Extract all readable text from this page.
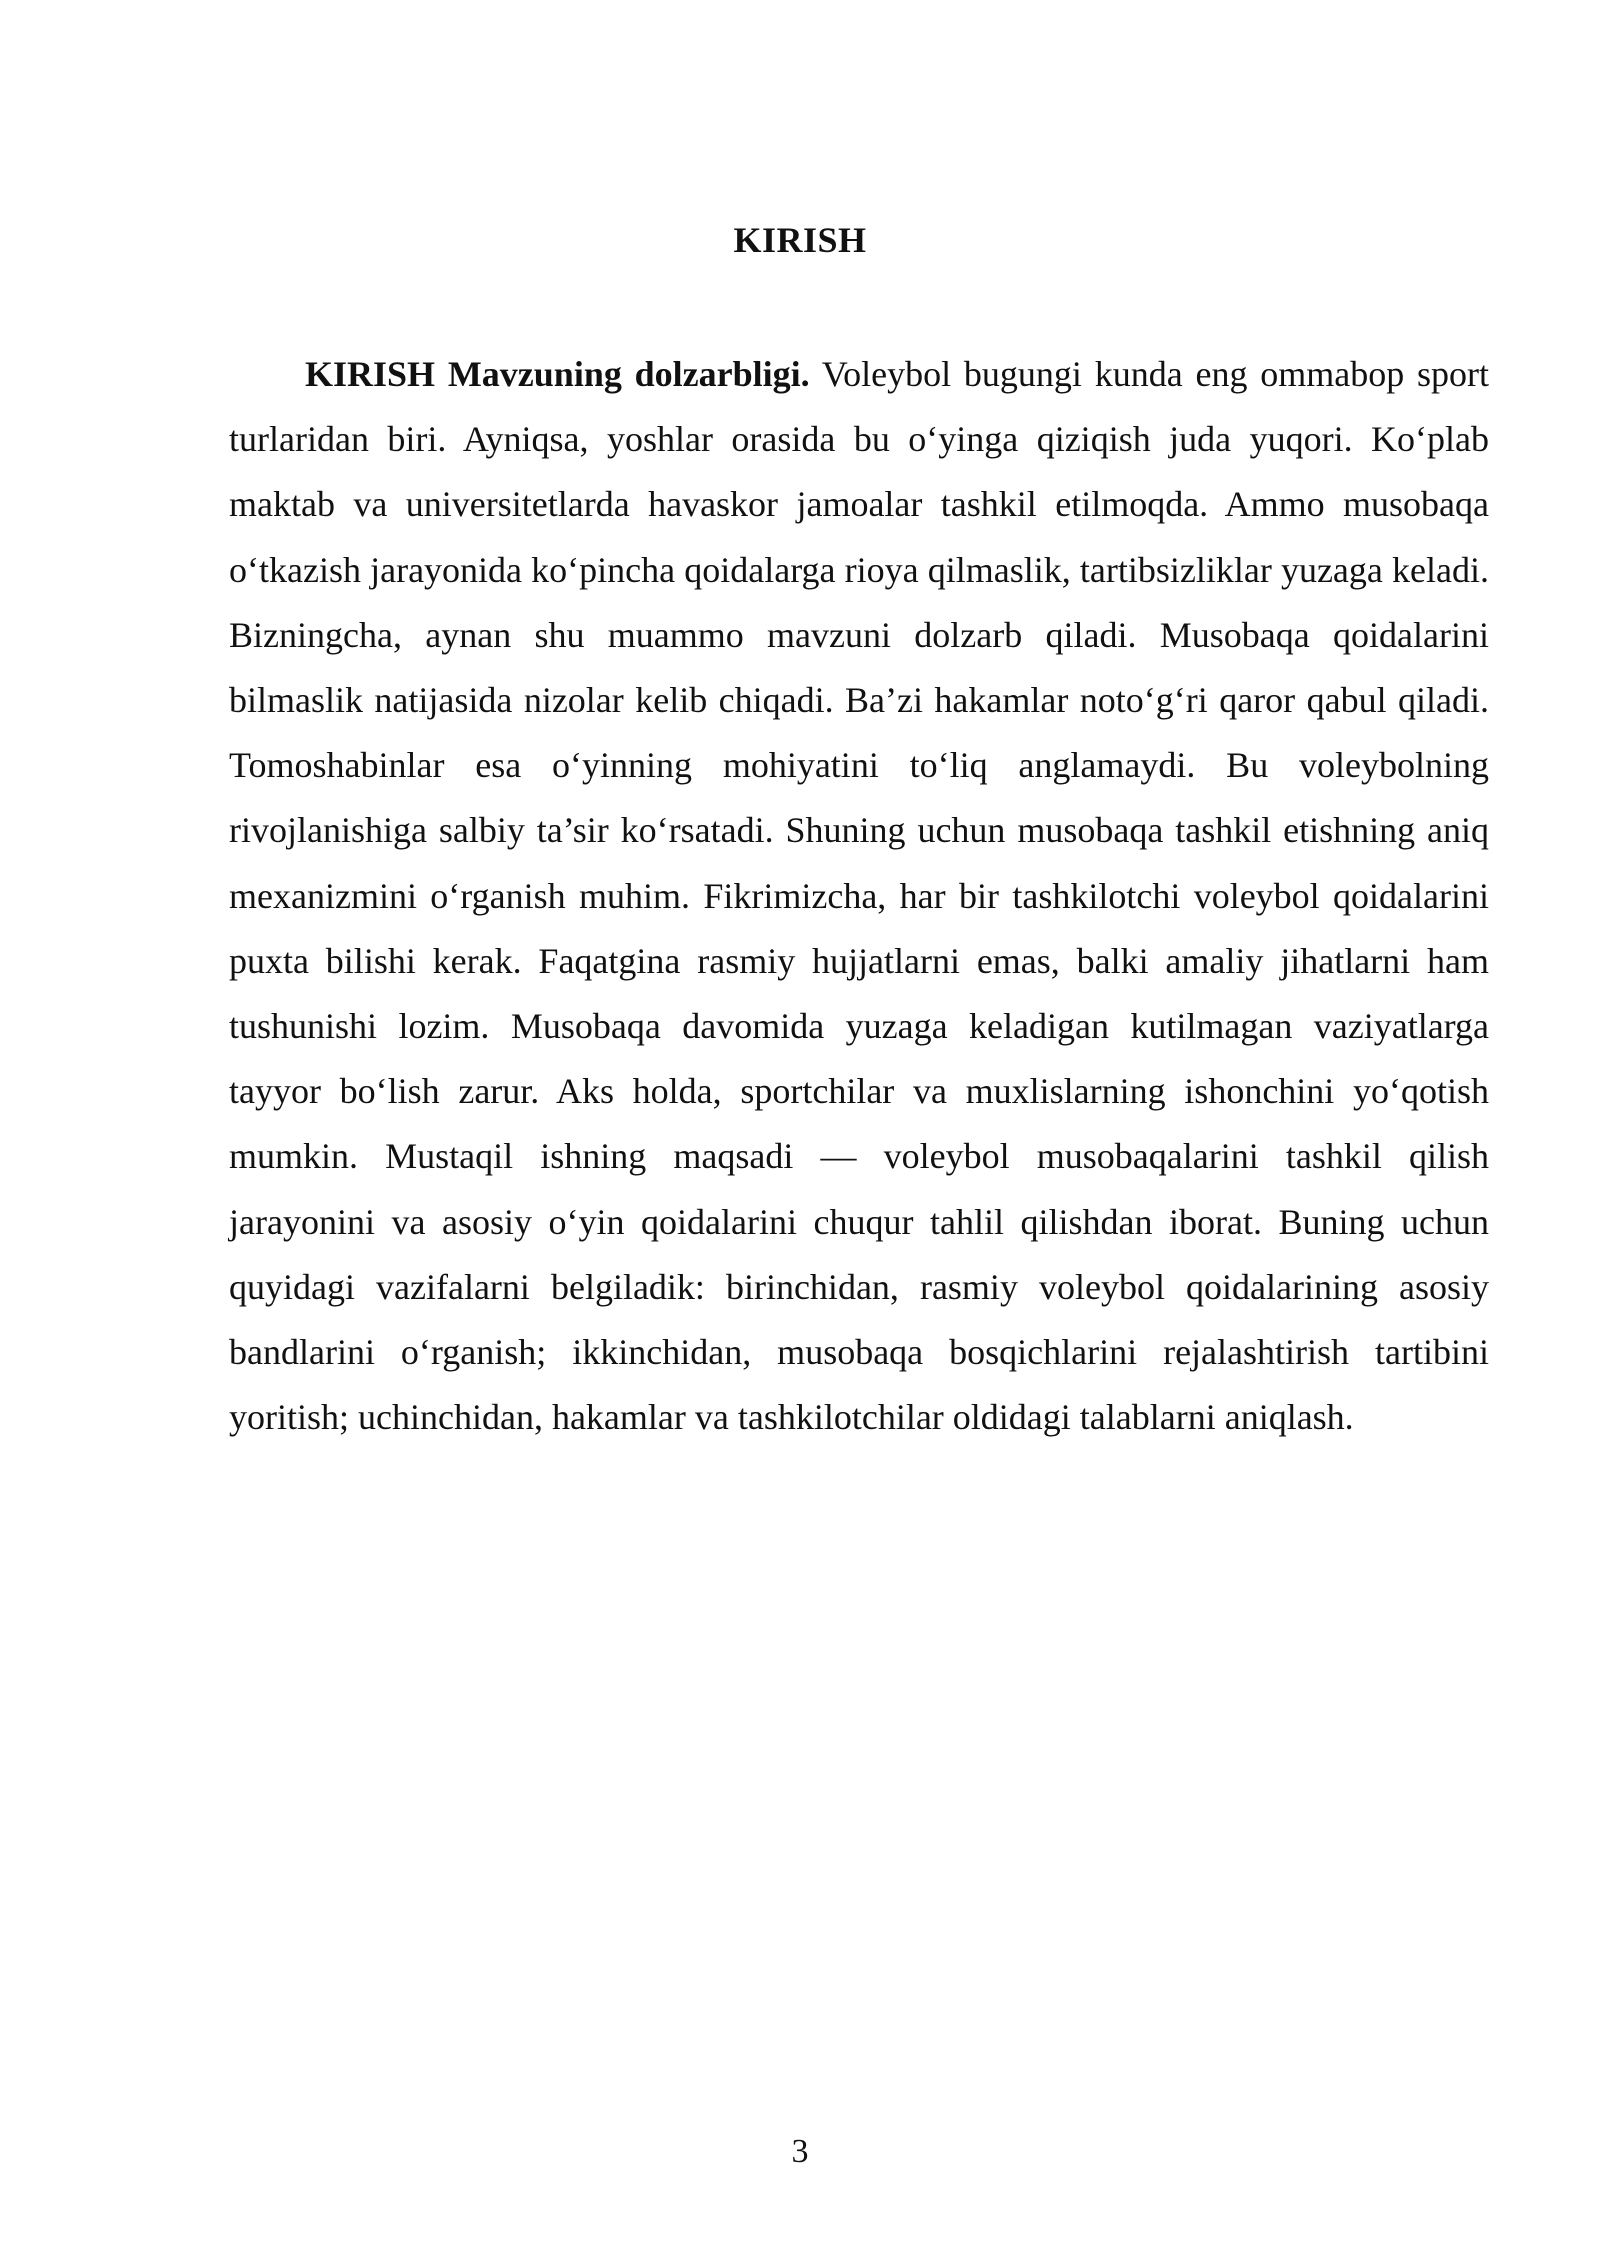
KIRISH

KIRISH Mavzuning dolzarbligi. Voleybol bugungi kunda eng ommabop sport turlaridan biri. Ayniqsa, yoshlar orasida bu o‘yinga qiziqish juda yuqori. Ko‘plab maktab va universitetlarda havaskor jamoalar tashkil etilmoqda. Ammo musobaqa o‘tkazish jarayonida ko‘pincha qoidalarga rioya qilmaslik, tartibsizliklar yuzaga keladi. Bizningcha, aynan shu muammo mavzuni dolzarb qiladi. Musobaqa qoidalarini bilmaslik natijasida nizolar kelib chiqadi. Ba’zi hakamlar noto‘g‘ri qaror qabul qiladi. Tomoshabinlar esa o‘yinning mohiyatini to‘liq anglamaydi. Bu voleybolning rivojlanishiga salbiy ta’sir ko‘rsatadi. Shuning uchun musobaqa tashkil etishning aniq mexanizmini o‘rganish muhim. Fikrimizcha, har bir tashkilotchi voleybol qoidalarini puxta bilishi kerak. Faqatgina rasmiy hujjatlarni emas, balki amaliy jihatlarni ham tushunishi lozim. Musobaqa davomida yuzaga keladigan kutilmagan vaziyatlarga tayyor bo‘lish zarur. Aks holda, sportchilar va muxlislarning ishonchini yo‘qotish mumkin. Mustaqil ishning maqsadi — voleybol musobaqalarini tashkil qilish jarayonini va asosiy o‘yin qoidalarini chuqur tahlil qilishdan iborat. Buning uchun quyidagi vazifalarni belgiladik: birinchidan, rasmiy voleybol qoidalarining asosiy bandlarini o‘rganish; ikkinchidan, musobaqa bosqichlarini rejalashtirish tartibini yoritish; uchinchidan, hakamlar va tashkilotchilar oldidagi talablarni aniqlash.

3
